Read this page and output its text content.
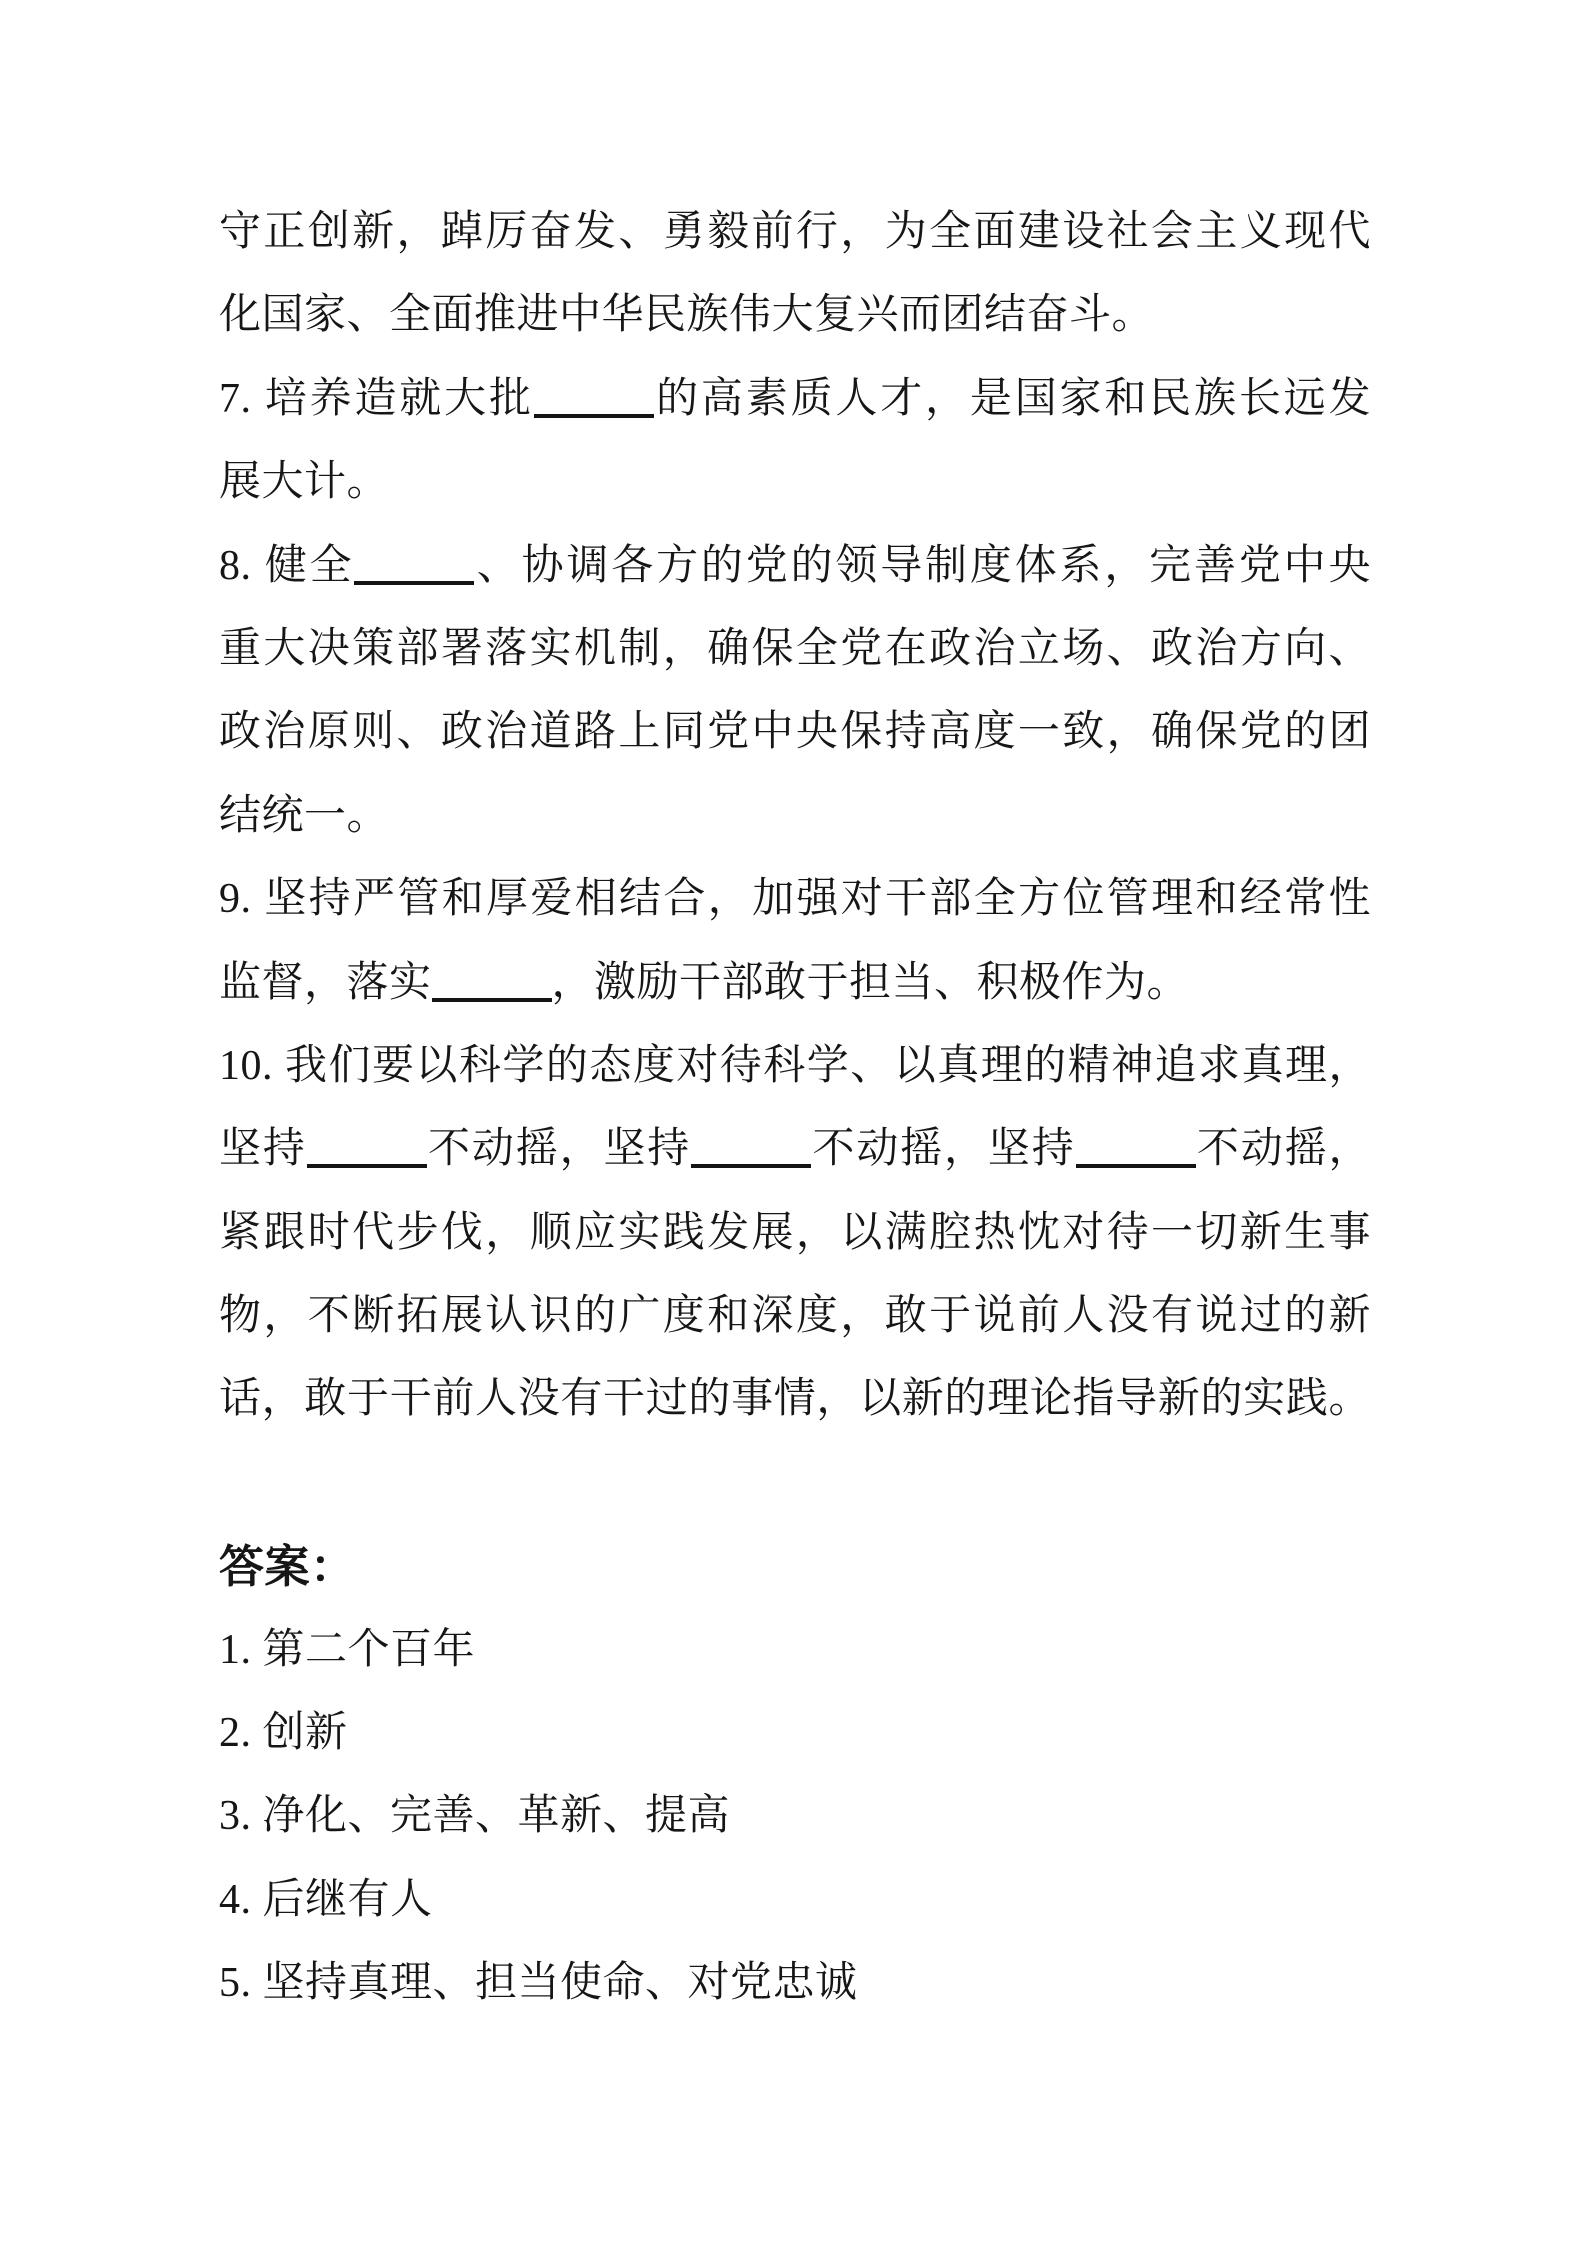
守正创新，踔厉奋发、勇毅前行，为全面建设社会主义现代
化国家、全面推进中华民族伟大复兴而团结奋斗。
7. 培养造就大批	的高素质人才，是国家和民族长远发
展大计。
8. 健全	、协调各方的党的领导制度体系，完善党中央
重大决策部署落实机制，确保全党在政治立场、政治方向、
政治原则、政治道路上同党中央保持高度一致，确保党的团
结统一。
9. 坚持严管和厚爱相结合，加强对干部全方位管理和经常性
监督，落实	，激励干部敢于担当、积极作为。
10. 我们要以科学的态度对待科学、以真理的精神追求真理，
坚持	不动摇，坚持	不动摇，坚持	不动摇，
紧跟时代步伐，顺应实践发展，以满腔热忱对待一切新生事
物，不断拓展认识的广度和深度，敢于说前人没有说过的新
话，敢于干前人没有干过的事情，以新的理论指导新的实践。
答案：
1. 第二个百年
2. 创新
3. 净化、完善、革新、提高
4. 后继有人
5. 坚持真理、担当使命、对党忠诚
